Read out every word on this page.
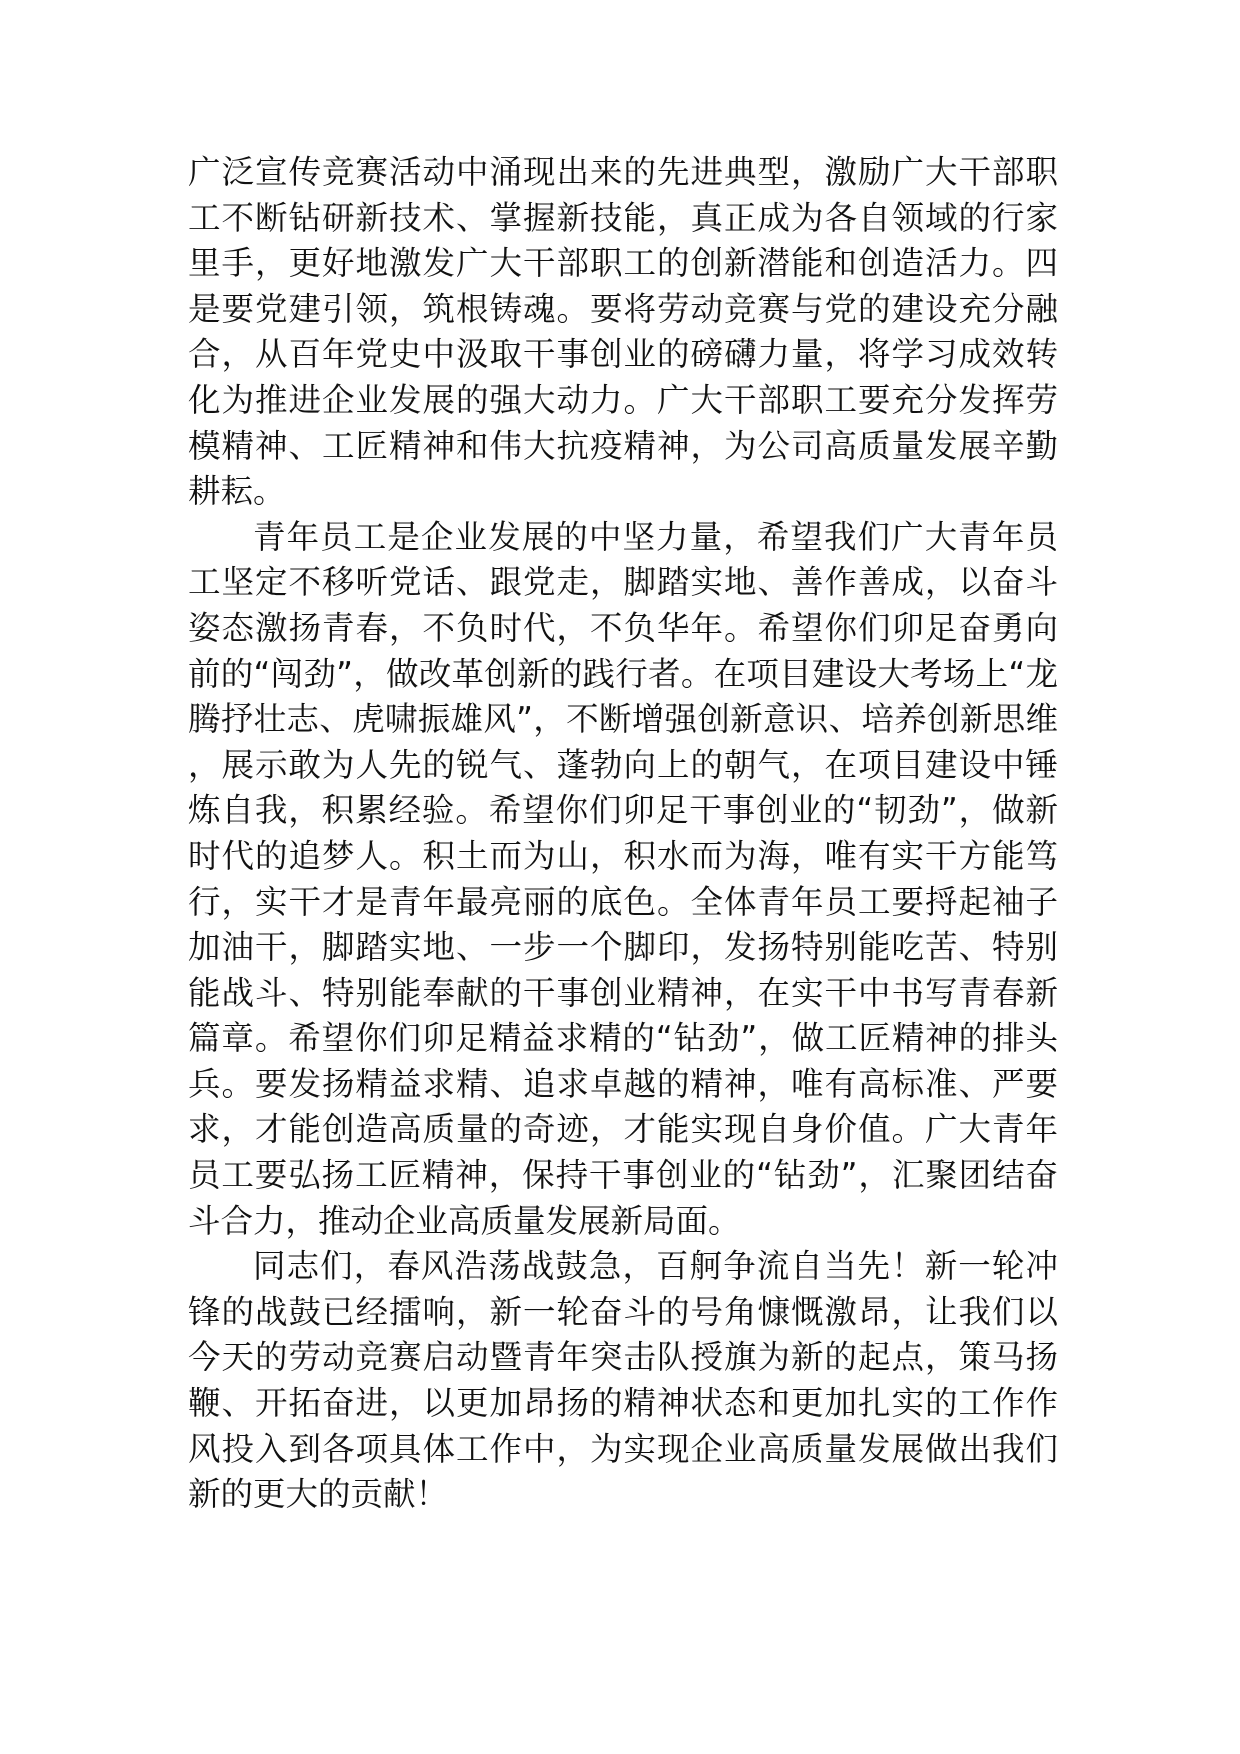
广泛宣传竞赛活动中涌现出来的先进典型，激励广大干部职工不断钻研新技术、掌握新技能，真正成为各自领域的行家里手，更好地激发广大干部职工的创新潜能和创造活力。四是要党建引领，筑根铸魂。要将劳动竞赛与党的建设充分融合，从百年党史中汲取干事创业的磅礴力量，将学习成效转化为推进企业发展的强大动力。广大干部职工要充分发挥劳模精神、工匠精神和伟大抗疫精神，为公司高质量发展辛勤耕耘。

青年员工是企业发展的中坚力量，希望我们广大青年员工坚定不移听党话、跟党走，脚踏实地、善作善成，以奋斗姿态激扬青春，不负时代，不负华年。希望你们卯足奋勇向前的“闯劲”，做改革创新的践行者。在项目建设大考场上“龙腾抒壮志、虎啸振雄风”，不断增强创新意识、培养创新思维，展示敢为人先的锐气、蓬勃向上的朝气，在项目建设中锤炼自我，积累经验。希望你们卯足干事创业的“韧劲”，做新时代的追梦人。积土而为山，积水而为海，唯有实干方能笃行，实干才是青年最亮丽的底色。全体青年员工要捋起袖子加油干，脚踏实地、一步一个脚印，发扬特别能吃苦、特别能战斗、特别能奉献的干事创业精神，在实干中书写青春新篇章。希望你们卯足精益求精的“钻劲”，做工匠精神的排头兵。要发扬精益求精、追求卓越的精神，唯有高标准、严要求，才能创造高质量的奇迹，才能实现自身价值。广大青年员工要弘扬工匠精神，保持干事创业的“钻劲”，汇聚团结奋斗合力，推动企业高质量发展新局面。

同志们，春风浩荡战鼓急，百舸争流自当先！新一轮冲锋的战鼓已经擂响，新一轮奋斗的号角慷慨激昂，让我们以今天的劳动竞赛启动暨青年突击队授旗为新的起点，策马扬鞭、开拓奋进，以更加昂扬的精神状态和更加扎实的工作作风投入到各项具体工作中，为实现企业高质量发展做出我们新的更大的贡献！
